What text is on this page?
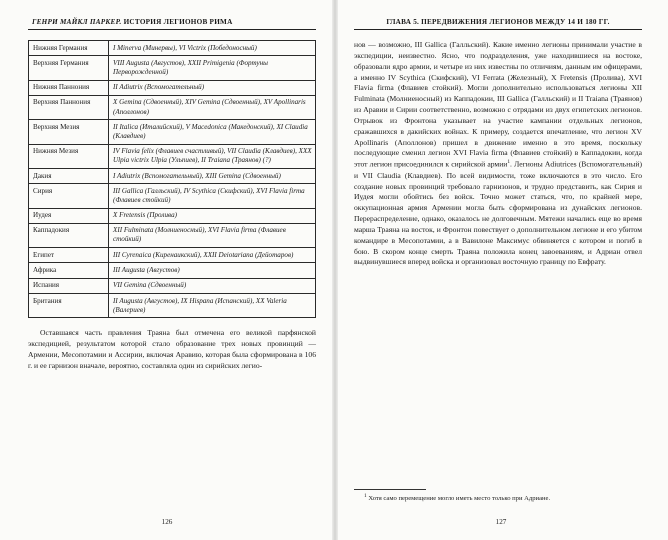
ГЕНРИ МАЙКЛ ПАРКЕР. ИСТОРИЯ ЛЕГИОНОВ РИМА
Нижняя Германия	I Minerva (Минервы), VI Victrix (Победоносный)
Верхняя Германия	VIII Augusta (Августов), XXII Primigenia (Фортуны Перворожденной)
Нижняя Паннония	II Adiutrix (Вспомогательный)
Верхняя Паннония	X Gemina (Сдвоенный), XIV Gemina (Сдвоенный), XV Apollinaris (Аполлонов)
Верхняя Мезия	II Italica (Италийский), V Macedonica (Македонский), XI Claudia (Клавдиев)
Нижняя Мезия	IV Flavia felix (Флавиев счастливый), VII Claudia (Клавдиев), XXX Ulpia victrix Ulpia (Ульпиев), II Traiana (Траянов) (?)
Дакия	I Adiutrix (Вспомогательный), XIII Gemina (Сдвоенный)
Сирия	III Gallica (Галльский), IV Scythica (Скифский), XVI Flavia firma (Флавиев стойкий)
Иудея	X Fretensis (Пролива)
Каппадокия	XII Fulminata (Молниеносный), XVI Flavia firma (Флавиев стойкий)
Египет	III Cyrenaica (Киренаикский), XXII Deiotariana (Дейотаров)
Африка	III Augusta (Августов)
Испания	VII Gemina (Сдвоенный)
Британия	II Augusta (Августов), IX Hispana (Испанский), XX Valeria (Валериев)

Оставшаяся часть правления Траяна был отмечена его великой парфянской экспедицией, результатом которой стало образование трех новых провинций — Армении, Месопотамии и Ассирии, включая Аравию, которая была сформирована в 106 г. и ее гарнизон вначале, вероятно, составляла один из сирийских легио-

126
ГЛАВА 5. ПЕРЕДВИЖЕНИЯ ЛЕГИОНОВ МЕЖДУ 14 И 180 ГГ.

нов — возможно, III Gallica (Галльский). Какие именно легионы принимали участие в экспедиции, неизвестно. Ясно, что подразделения, уже находившиеся на востоке, образовали ядро армии, и четыре из них известны по отличиям, данным им офицерами, а именно IV Scythica (Скифский), VI Ferrata (Железный), X Fretensis (Пролива), XVI Flavia firma (Флавиев стойкий). Могли дополнительно использоваться легионы XII Fulminata (Молниеносный) из Каппадокии, III Gallica (Галльский) и II Traiana (Траянов) из Аравии и Сирии соответственно, возможно с отрядами из двух египетских легионов. Отрывок из Фронтона указывает на участие кампании отдельных легионов, сражавшихся в дакийских войнах. К примеру, создается впечатление, что легион XV Apollinaris (Аполлонов) пришел в движение именно в это время, поскольку последующие сменил легион XVI Flavia firma (Флавиев стойкий) в Каппадокии, когда этот легион присоединился к сирийской армии$^1$. Легионы Adiutrices (Вспомогательный) и VII Claudia (Клавдиев). По всей видимости, тоже включаются в это число. Его создание новых провинций требовало гарнизонов, и трудно представить, как Сирия и Иудея могли обойтись без войск. Точно может статься, что, по крайней мере, оккупационная армия Армении могла быть сформирована из дунайских легионов. Перераспределение, однако, оказалось не долговечным. Мятежи начались еще во время марша Траяна на восток, и Фронтон повествует о дополнительном легионе и его убитом командире в Месопотамии, а в Вавилоне Максимус обвиняется с котором и погиб в бою. В скором конце смерть Траяна положила конец завоеваниям, и Адриан отвел выдвинувшиеся вперед войска и организовал восточную границу по Евфрату.

$^1$ Хотя само перемещение могло иметь место только при Адриане.
127
